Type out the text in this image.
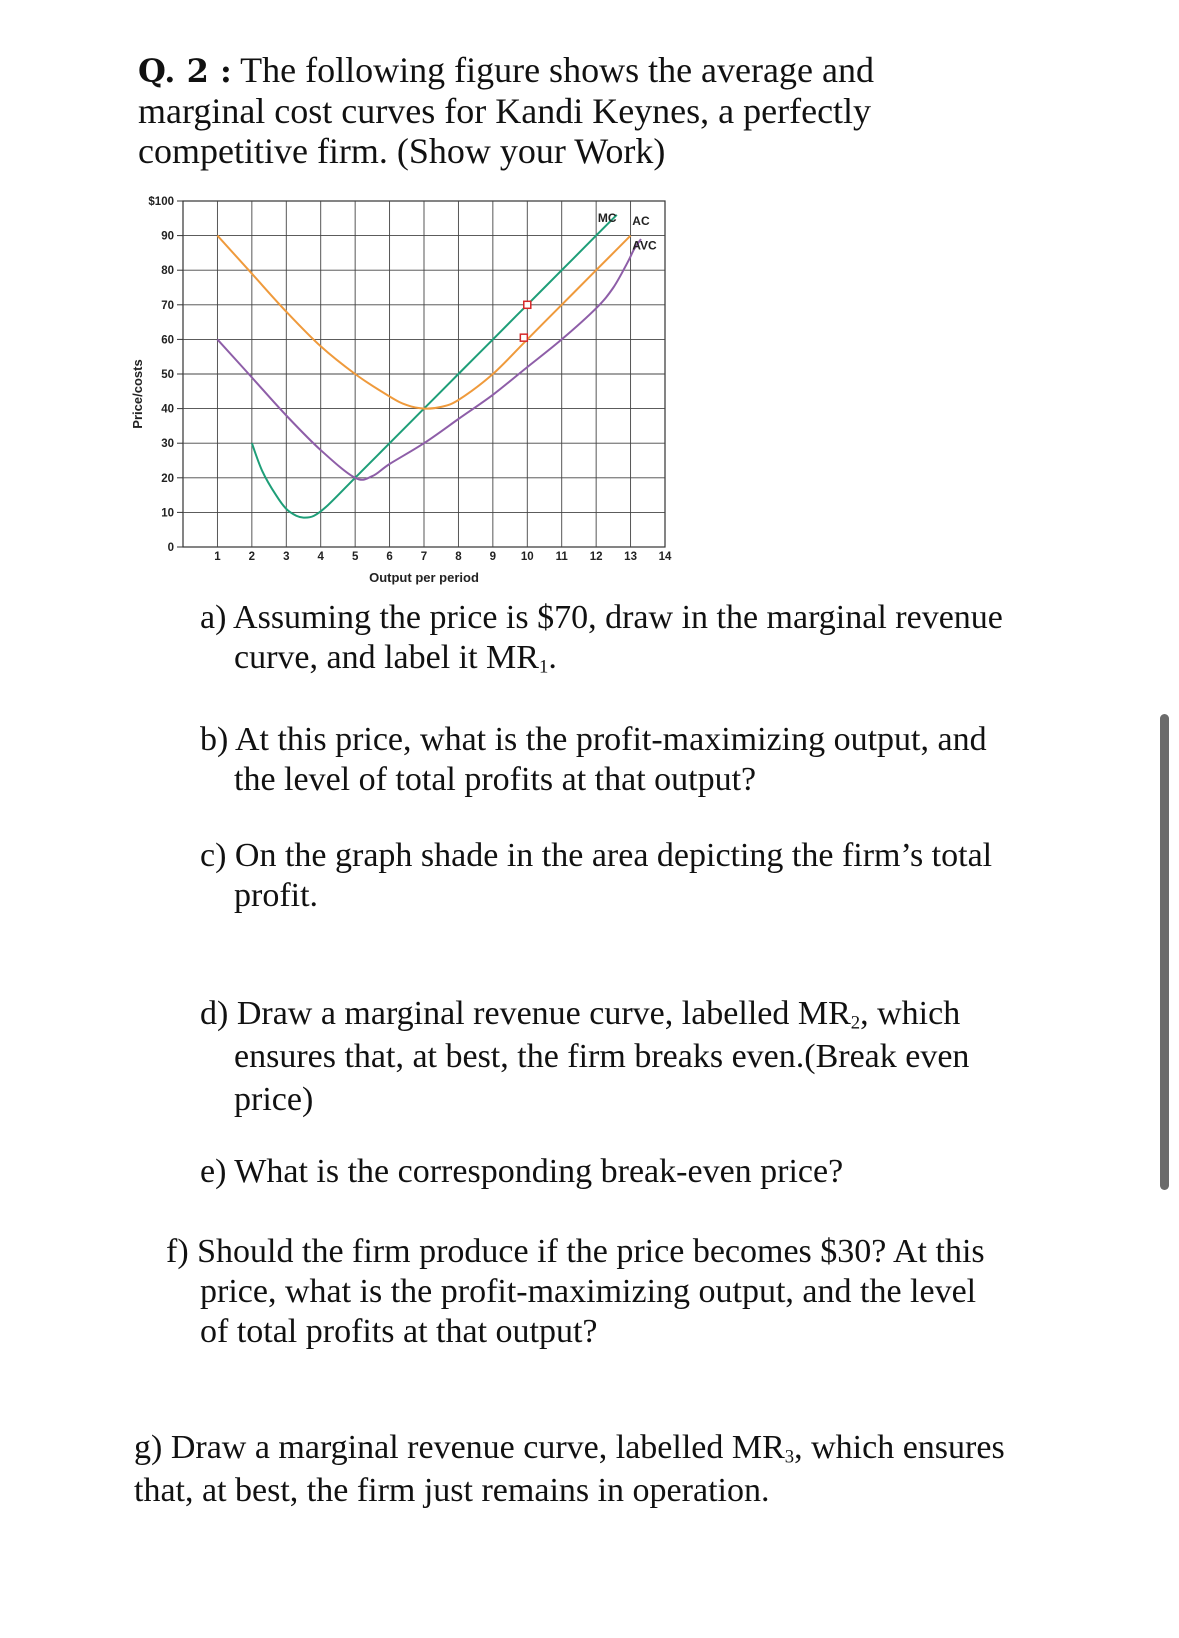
Q. 2 : The following figure shows the average and
marginal cost curves for Kandi Keynes, a perfectly
competitive firm. (Show your Work)
0
10
20
30
40
50
60
70
80
90
$100
1 2 3 4 5 6 7 8 9 10 11 12 13 14
MC AC
AVC
Output per period
Price/costs
a) Assuming the price is $70, draw in the marginal revenue
curve, and label it $MR_1$.
b) At this price, what is the profit-maximizing output, and
the level of total profits at that output?
c) On the graph shade in the area depicting the firm’s total
profit.
d) Draw a marginal revenue curve, labelled $MR_2$, which
ensures that, at best, the firm breaks even.(Break even
price)
e) What is the corresponding break-even price?
f) Should the firm produce if the price becomes $30? At this
price, what is the profit-maximizing output, and the level
of total profits at that output?
g) Draw a marginal revenue curve, labelled $MR_3$, which ensures
that, at best, the firm just remains in operation.
